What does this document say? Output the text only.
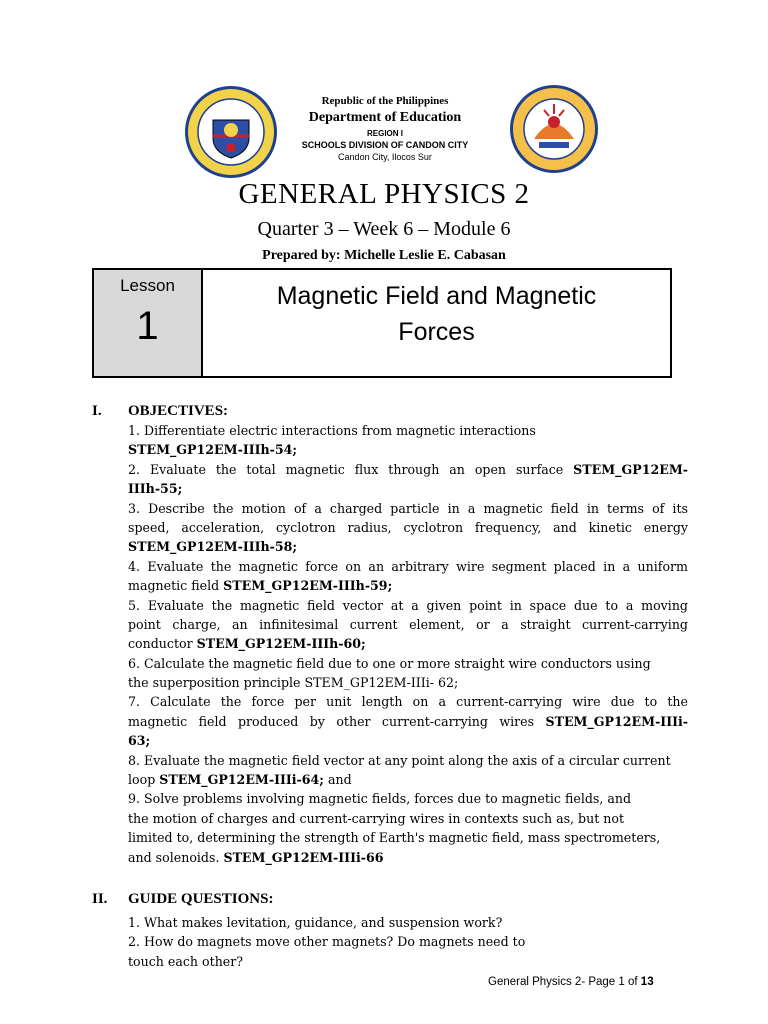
Republic of the Philippines
Department of Education
REGION I
SCHOOLS DIVISION OF CANDON CITY
Candon City, Ilocos Sur
GENERAL PHYSICS 2
Quarter 3 – Week 6 – Module 6
Prepared by: Michelle Leslie E. Cabasan
Lesson
1
Magnetic Field and Magnetic
Forces
I. OBJECTIVES:
1. Differentiate electric interactions from magnetic interactions
STEM_GP12EM-IIIh-54;
2. Evaluate the total magnetic flux through an open surface STEM_GP12EM-
IIIh-55;
3. Describe the motion of a charged particle in a magnetic field in terms of its
speed, acceleration, cyclotron radius, cyclotron frequency, and kinetic energy
STEM_GP12EM-IIIh-58;
4. Evaluate the magnetic force on an arbitrary wire segment placed in a uniform
magnetic field STEM_GP12EM-IIIh-59;
5. Evaluate the magnetic field vector at a given point in space due to a moving
point charge, an infinitesimal current element, or a straight current-carrying
conductor STEM_GP12EM-IIIh-60;
6. Calculate the magnetic field due to one or more straight wire conductors using
the superposition principle STEM_GP12EM-IIIi- 62;
7. Calculate the force per unit length on a current-carrying wire due to the
magnetic field produced by other current-carrying wires STEM_GP12EM-IIIi-
63;
8. Evaluate the magnetic field vector at any point along the axis of a circular current
loop STEM_GP12EM-IIIi-64; and
9. Solve problems involving magnetic fields, forces due to magnetic fields, and
the motion of charges and current-carrying wires in contexts such as, but not
limited to, determining the strength of Earth's magnetic field, mass spectrometers,
and solenoids. STEM_GP12EM-IIIi-66
II. GUIDE QUESTIONS:
1. What makes levitation, guidance, and suspension work?
2. How do magnets move other magnets? Do magnets need to
touch each other?
General Physics 2- Page 1 of 13
